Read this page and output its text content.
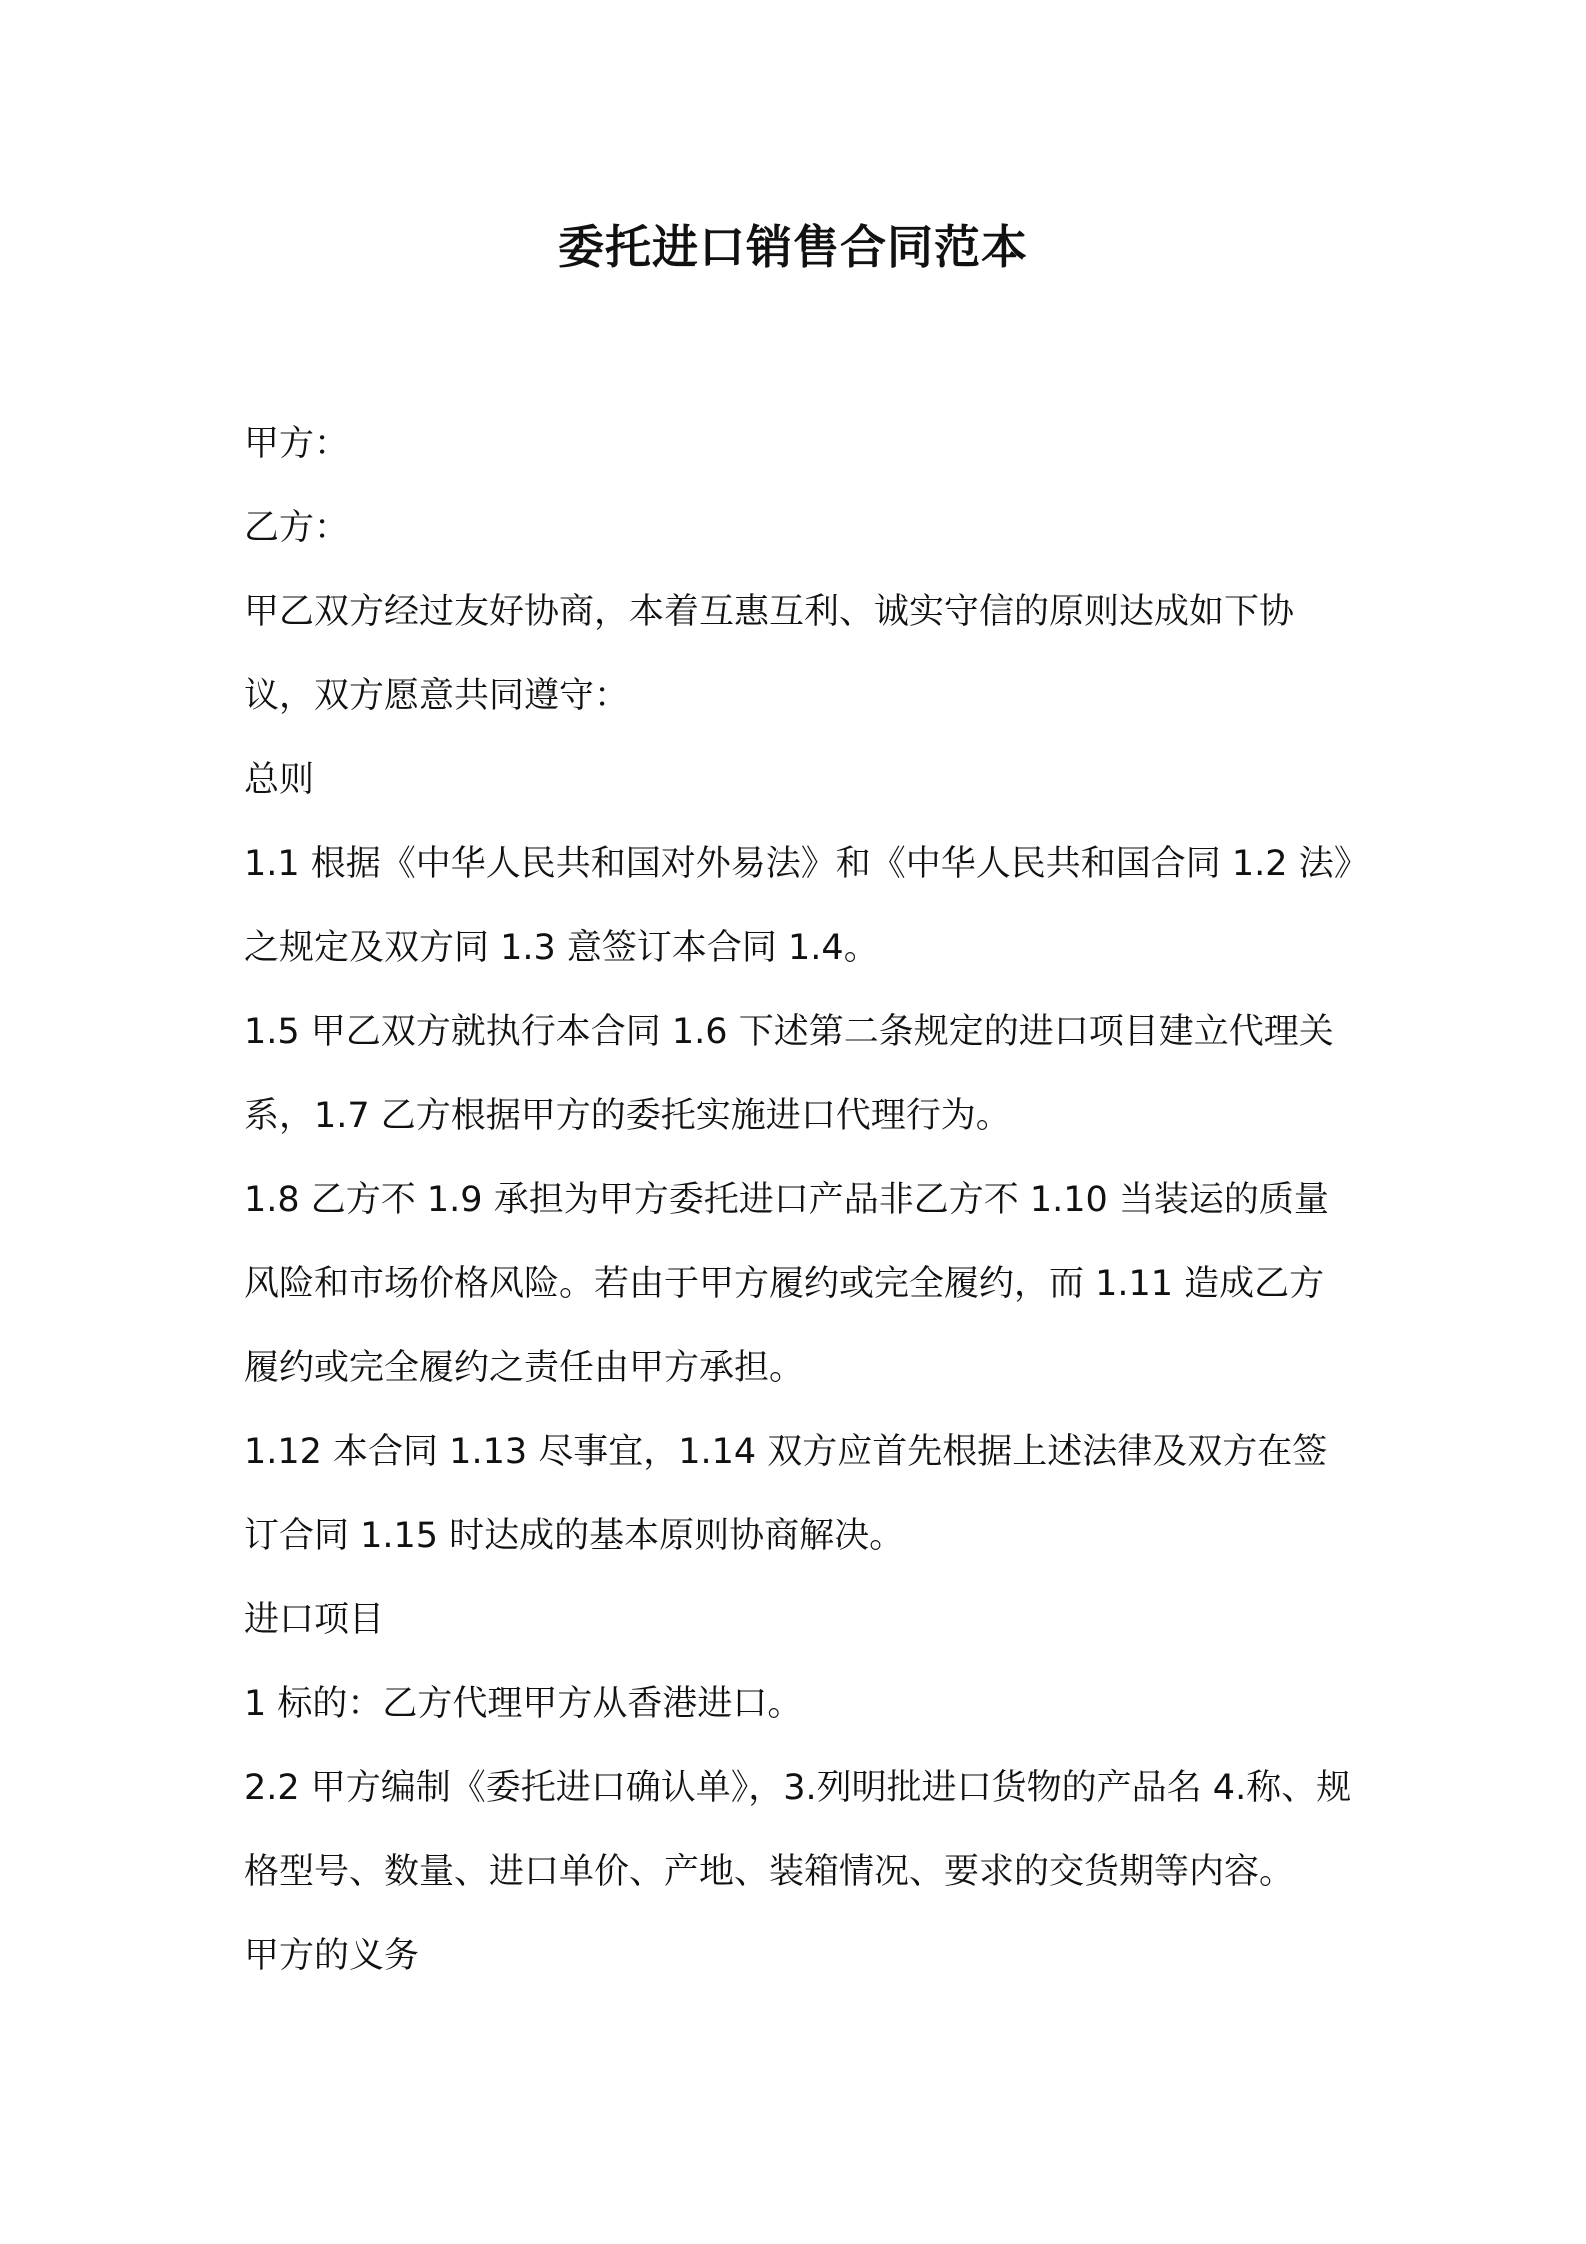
委托进口销售合同范本

甲方：

乙方：

甲乙双方经过友好协商，本着互惠互利、诚实守信的原则达成如下协议，双方愿意共同遵守：

总则

1.1 根据《中华人民共和国对外易法》和《中华人民共和国合同 1.2 法》之规定及双方同 1.3 意签订本合同 1.4。

1.5 甲乙双方就执行本合同 1.6 下述第二条规定的进口项目建立代理关系，1.7 乙方根据甲方的委托实施进口代理行为。

1.8 乙方不 1.9 承担为甲方委托进口产品非乙方不 1.10 当装运的质量风险和市场价格风险。若由于甲方履约或完全履约，而 1.11 造成乙方履约或完全履约之责任由甲方承担。

1.12 本合同 1.13 尽事宜，1.14 双方应首先根据上述法律及双方在签订合同 1.15 时达成的基本原则协商解决。

进口项目

1 标的：乙方代理甲方从香港进口。

2.2 甲方编制《委托进口确认单》，3.列明批进口货物的产品名 4.称、规格型号、数量、进口单价、产地、装箱情况、要求的交货期等内容。

甲方的义务
